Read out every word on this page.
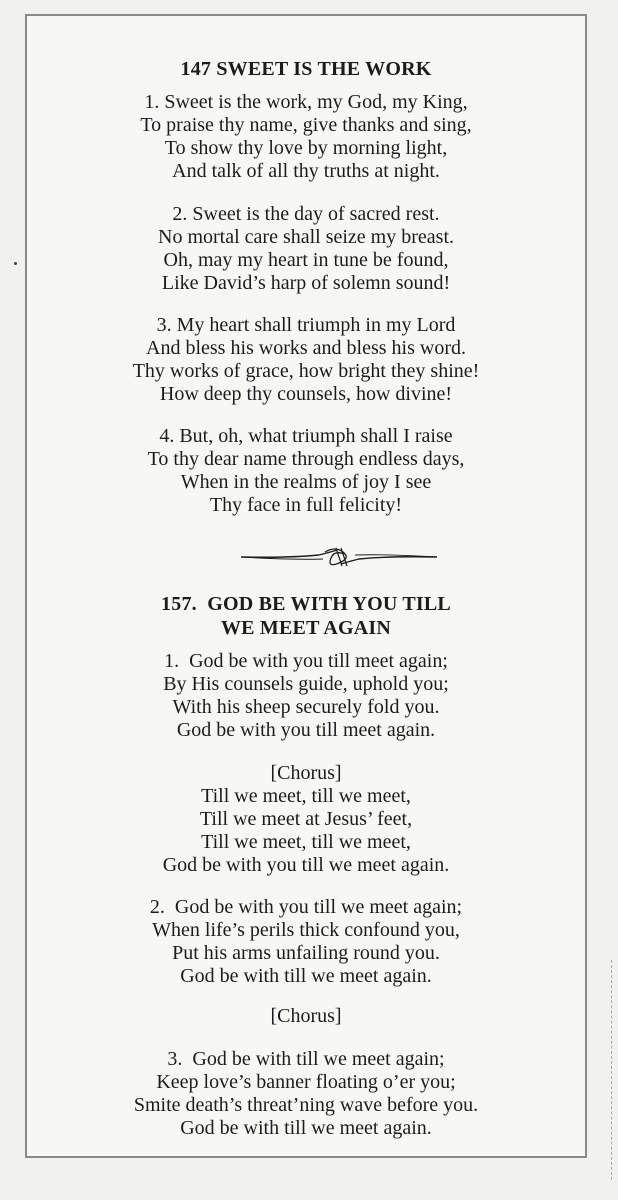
147 SWEET IS THE WORK
1. Sweet is the work, my God, my King,
To praise thy name, give thanks and sing,
To show thy love by morning light,
And talk of all thy truths at night.
2. Sweet is the day of sacred rest.
No mortal care shall seize my breast.
Oh, may my heart in tune be found,
Like David’s harp of solemn sound!
3. My heart shall triumph in my Lord
And bless his works and bless his word.
Thy works of grace, how bright they shine!
How deep thy counsels, how divine!
4. But, oh, what triumph shall I raise
To thy dear name through endless days,
When in the realms of joy I see
Thy face in full felicity!
157.  GOD BE WITH YOU TILL
WE MEET AGAIN
1.  God be with you till meet again;
By His counsels guide, uphold you;
With his sheep securely fold you.
God be with you till meet again.
[Chorus]
Till we meet, till we meet,
Till we meet at Jesus’ feet,
Till we meet, till we meet,
God be with you till we meet again.
2.  God be with you till we meet again;
When life’s perils thick confound you,
Put his arms unfailing round you.
God be with till we meet again.
[Chorus]
3.  God be with till we meet again;
Keep love’s banner floating o’er you;
Smite death’s threat’ning wave before you.
God be with till we meet again.
